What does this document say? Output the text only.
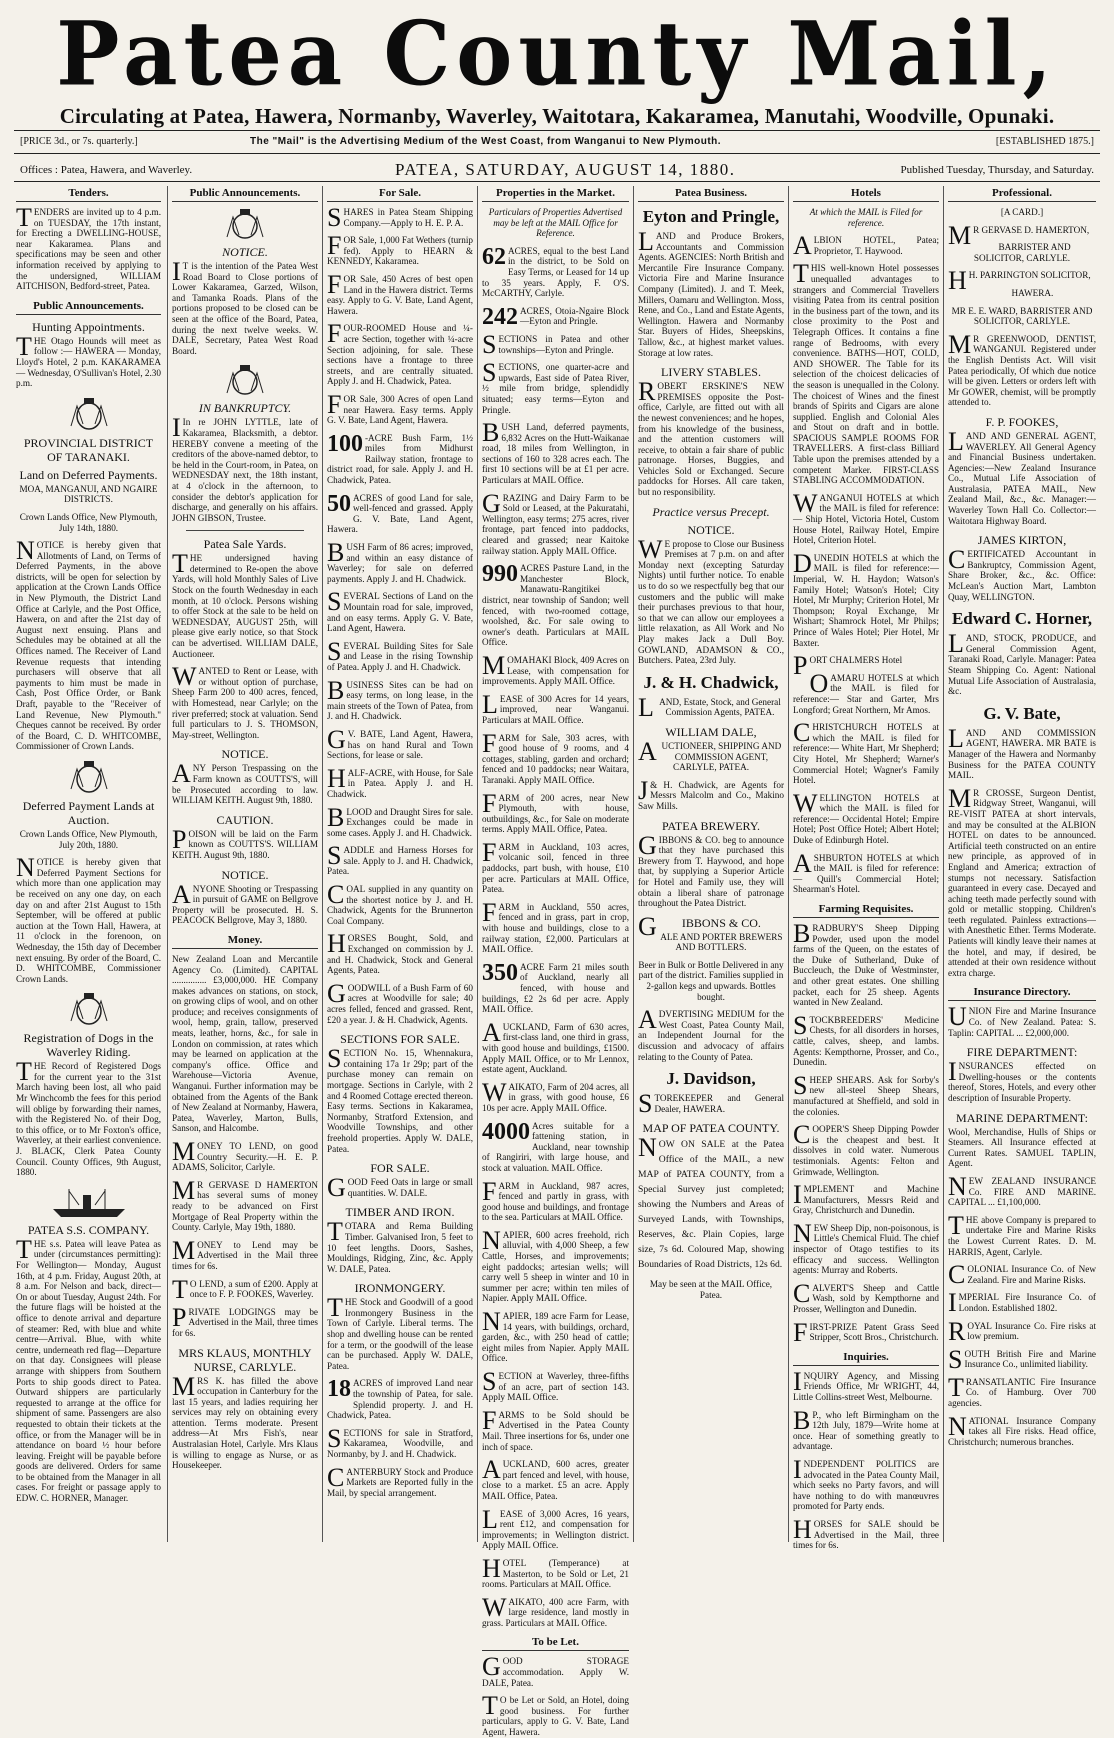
Patea County Mail,
Circulating at Patea, Hawera, Normanby, Waverley, Waitotara, Kakaramea, Manutahi, Woodville, Opunaki.
[PRICE 3d., or 7s. quarterly.]	The "Mail" is the Advertising Medium of the West Coast, from Wanganui to New Plymouth.	[ESTABLISHED 1875.]
Offices : Patea, Hawera, and Waverley.	PATEA, SATURDAY, AUGUST 14, 1880.	Published Tuesday, Thursday, and Saturday.
Tenders.
TENDERS are invited up to 4 p.m. on TUESDAY, the 17th instant, for Erecting a DWELLING-HOUSE, near Kakaramea. Plans and specifications may be seen and other information received by applying to the undersigned, WILLIAM AITCHISON, Bedford-street, Patea.
Public Announcements.
Hunting Appointments.
THE Otago Hounds will meet as follow :— HAWERA — Monday, Lloyd's Hotel, 2 p.m. KAKARAMEA — Wednesday, O'Sullivan's Hotel, 2.30 p.m.
PROVINCIAL DISTRICT OF TARANAKI.
Land on Deferred Payments.
MOA, MANGANUI, AND NGAIRE DISTRICTS.
Crown Lands Office, New Plymouth, July 14th, 1880.
NOTICE is hereby given that Allotments of Land, on Terms of Deferred Payments, in the above districts, will be open for selection by application at the Crown Lands Office in New Plymouth, the District Land Office at Carlyle, and the Post Office, Hawera, on and after the 21st day of August next ensuing. Plans and Schedules may be obtained at all the Offices named. The Receiver of Land Revenue requests that intending purchasers will observe that all payments to him must be made in Cash, Post Office Order, or Bank Draft, payable to the "Receiver of Land Revenue, New Plymouth." Cheques cannot be received. By order of the Board, C. D. WHITCOMBE, Commissioner of Crown Lands.
Deferred Payment Lands at Auction.
Crown Lands Office, New Plymouth, July 20th, 1880.
NOTICE is hereby given that Deferred Payment Sections for which more than one application may be received on any one day, on each day on and after 21st August to 15th September, will be offered at public auction at the Town Hall, Hawera, at 11 o'clock in the forenoon, on Wednesday, the 15th day of December next ensuing. By order of the Board, C. D. WHITCOMBE, Commissioner Crown Lands.
Registration of Dogs in the Waverley Riding.
THE Record of Registered Dogs for the current year to the 31st March having been lost, all who paid Mr Winchcomb the fees for this period will oblige by forwarding their names, with the Registered No. of their Dog, to this office, or to Mr Foxton's office, Waverley, at their earliest convenience. J. BLACK, Clerk Patea County Council. County Offices, 9th August, 1880.
PATEA S.S. COMPANY.
THE s.s. Patea will leave Patea as under (circumstances permitting): For Wellington— Monday, August 16th, at 4 p.m. Friday, August 20th, at 8 a.m. For Nelson and back, direct— On or about Tuesday, August 24th. For the future flags will be hoisted at the office to denote arrival and departure of steamer: Red, with blue and white centre—Arrival. Blue, with white centre, underneath red flag—Departure on that day. Consignees will please arrange with shippers from Southern Ports to ship goods direct to Patea. Outward shippers are particularly requested to arrange at the office for shipment of same. Passengers are also requested to obtain their tickets at the office, or from the Manager will be in attendance on board ½ hour before leaving. Freight will be payable before goods are delivered. Orders for same to be obtained from the Manager in all cases. For freight or passage apply to EDW. C. HORNER, Manager.
Public Announcements.
NOTICE.
I T is the intention of the Patea West Road Board to Close portions of Lower Kakaramea, Garzed, Wilson, and Tamanka Roads. Plans of the portions proposed to be closed can be seen at the office of the Board, Patea, during the next twelve weeks. W. DALE, Secretary, Patea West Road Board.
IN BANKRUPTCY.
I In re JOHN LYTTLE, late of Kakaramea, Blacksmith, a debtor. HEREBY convene a meeting of the creditors of the above-named debtor, to be held in the Court-room, in Patea, on WEDNESDAY next, the 18th instant, at 4 o'clock in the afternoon, to consider the debtor's application for discharge, and generally on his affairs. JOHN GIBSON, Trustee.
Patea Sale Yards.
THE undersigned having determined to Re-open the above Yards, will hold Monthly Sales of Live Stock on the fourth Wednesday in each month, at 10 o'clock. Persons wishing to offer Stock at the sale to be held on WEDNESDAY, AUGUST 25th, will please give early notice, so that Stock can be advertised. WILLIAM DALE, Auctioneer.
WANTED to Rent or Lease, with or without option of purchase, Sheep Farm 200 to 400 acres, fenced, with Homestead, near Carlyle; on the river preferred; stock at valuation. Send full particulars to J. S. THOMSON, May-street, Wellington.
NOTICE.
ANY Person Trespassing on the Farm known as COUTTS'S, will be Prosecuted according to law. WILLIAM KEITH. August 9th, 1880.
CAUTION.
POISON will be laid on the Farm known as COUTTS'S. WILLIAM KEITH. August 9th, 1880.
NOTICE.
ANYONE Shooting or Trespassing in pursuit of GAME on Bellgrove Property will be prosecuted. H. S. PEACOCK Bellgrove, May 3, 1880.
Money.
New Zealand Loan and Mercantile Agency Co. (Limited). CAPITAL ............... £3,000,000. HE Company makes advances on stations, on stock, on growing clips of wool, and on other produce; and receives consignments of wool, hemp, grain, tallow, preserved meats, leather, horns, &c., for sale in London on commission, at rates which may be learned on application at the company's office. Office and Warehouse—Victoria Avenue, Wanganui. Further information may be obtained from the Agents of the Bank of New Zealand at Normanby, Hawera, Patea, Waverley, Marton, Bulls, Sanson, and Halcombe.
MONEY TO LEND, on good Country Security.—H. E. P. ADAMS, Solicitor, Carlyle.
M R GERVASE D HAMERTON has several sums of money ready to be advanced on First Mortgage of Real Property within the County. Carlyle, May 19th, 1880.
MONEY to Lend may be Advertised in the Mail three times for 6s.
T O LEND, a sum of £200. Apply at once to F. P. FOOKES, Waverley.
PRIVATE LODGINGS may be Advertised in the Mail, three times for 6s.
MRS KLAUS, MONTHLY NURSE, CARLYLE.
MRS K. has filled the above occupation in Canterbury for the last 15 years, and ladies requiring her services may rely on obtaining every attention. Terms moderate. Present address—At Mrs Fish's, near Australasian Hotel, Carlyle. Mrs Klaus is willing to engage as Nurse, or as Housekeeper.
For Sale.
SHARES in Patea Steam Shipping Company.—Apply to H. E. P. A.
FOR Sale, 1,000 Fat Wethers (turnip fed). Apply to HEARN & KENNEDY, Kakaramea.
FOR Sale, 450 Acres of best open Land in the Hawera district. Terms easy. Apply to G. V. Bate, Land Agent, Hawera.
FOUR-ROOMED House and ¼-acre Section, together with ¼-acre Section adjoining, for sale. These sections have a frontage to three streets, and are centrally situated. Apply J. and H. Chadwick, Patea.
FOR Sale, 300 Acres of open Land near Hawera. Easy terms. Apply G. V. Bate, Land Agent, Hawera.
100 -ACRE Bush Farm, 1½ miles from Midhurst Railway station, frontage to district road, for sale. Apply J. and H. Chadwick, Patea.
50 ACRES of good Land for sale, well-fenced and grassed. Apply G. V. Bate, Land Agent, Hawera.
BUSH Farm of 86 acres; improved, and within an easy distance of Waverley; for sale on deferred payments. Apply J. and H. Chadwick.
SEVERAL Sections of Land on the Mountain road for sale, improved, and on easy terms. Apply G. V. Bate, Land Agent, Hawera.
SEVERAL Building Sites for Sale and Lease in the rising Township of Patea. Apply J. and H. Chadwick.
BUSINESS Sites can be had on easy terms, on long lease, in the main streets of the Town of Patea, from J. and H. Chadwick.
G V. BATE, Land Agent, Hawera, has on hand Rural and Town Sections, for lease or sale.
HALF-ACRE, with House, for Sale in Patea. Apply J. and H. Chadwick.
BLOOD and Draught Sires for sale. Exchanges could be made in some cases. Apply J. and H. Chadwick.
SADDLE and Harness Horses for sale. Apply to J. and H. Chadwick, Patea.
COAL supplied in any quantity on the shortest notice by J. and H. Chadwick, Agents for the Brunnerton Coal Company.
HORSES Bought, Sold, and Exchanged on commission by J. and H. Chadwick, Stock and General Agents, Patea.
GOODWILL of a Bush Farm of 60 acres at Woodville for sale; 40 acres felled, fenced and grassed. Rent, £20 a year. J. & H. Chadwick, Agents.
SECTIONS FOR SALE.
SECTION No. 15, Whennakura, containing 17a 1r 29p; part of the purchase money can remain on mortgage. Sections in Carlyle, with 2 and 4 Roomed Cottage erected thereon. Easy terms. Sections in Kakaramea, Normanby, Stratford Extension, and Woodville Townships, and other freehold properties. Apply W. DALE, Patea.
FOR SALE.
GOOD Feed Oats in large or small quantities. W. DALE.
TIMBER AND IRON.
TOTARA and Rema Building Timber. Galvanised Iron, 5 feet to 10 feet lengths. Doors, Sashes, Mouldings, Ridging, Zinc, &c. Apply W. DALE, Patea.
IRONMONGERY.
THE Stock and Goodwill of a good Ironmongery Business in the Town of Carlyle. Liberal terms. The shop and dwelling house can be rented for a term, or the goodwill of the lease can be purchased. Apply W. DALE, Patea.
18 ACRES of improved Land near the township of Patea, for sale. Splendid property. J. and H. Chadwick, Patea.
SECTIONS for sale in Stratford, Kakaramea, Woodville, and Normanby, by J. and H. Chadwick.
CANTERBURY Stock and Produce Markets are Reported fully in the Mail, by special arrangement.
Properties in the Market.
Particulars of Properties Advertised may be left at the MAIL Office for Reference.
62 ACRES, equal to the best Land in the district, to be Sold on Easy Terms, or Leased for 14 up to 35 years. Apply, F. O'S. McCARTHY, Carlyle.
242 ACRES, Otoia-Ngaire Block—Eyton and Pringle.
SECTIONS in Patea and other townships—Eyton and Pringle.
SECTIONS, one quarter-acre and upwards, East side of Patea River, ½ mile from bridge, splendidly situated; easy terms—Eyton and Pringle.
BUSH Land, deferred payments, 6,832 Acres on the Hutt-Waikanae road, 18 miles from Wellington, in sections of 160 to 328 acres each. The first 10 sections will be at £1 per acre. Particulars at MAIL Office.
GRAZING and Dairy Farm to be Sold or Leased, at the Pakuratahi, Wellington, easy terms; 275 acres, river frontage, part fenced into paddocks, cleared and grassed; near Kaitoke railway station. Apply MAIL Office.
990 ACRES Pasture Land, in the Manchester Block, Manawatu-Rangitikei district, near township of Sandon; well fenced, with two-roomed cottage, woolshed, &c. For sale owing to owner's death. Particulars at MAIL Office.
MOMAHAKI Block, 409 Acres on Lease, with compensation for improvements. Apply MAIL Office.
LEASE of 300 Acres for 14 years, improved, near Wanganui. Particulars at MAIL Office.
FARM for Sale, 303 acres, with good house of 9 rooms, and 4 cottages, stabling, garden and orchard; fenced and 10 paddocks; near Waitara, Taranaki. Apply MAIL Office.
FARM of 200 acres, near New Plymouth, with house, outbuildings, &c., for Sale on moderate terms. Apply MAIL Office, Patea.
FARM in Auckland, 103 acres, volcanic soil, fenced in three paddocks, part bush, with house, £10 per acre. Particulars at MAIL Office, Patea.
FARM in Auckland, 550 acres, fenced and in grass, part in crop, with house and buildings, close to a railway station, £2,000. Particulars at MAIL Office.
350 ACRE Farm 21 miles south of Auckland, nearly all fenced, with house and buildings, £2 2s 6d per acre. Apply MAIL Office.
AUCKLAND, Farm of 630 acres, first-class land, one third in grass, with good house and buildings, £1500. Apply MAIL Office, or to Mr Lennox, estate agent, Auckland.
WAIKATO, Farm of 204 acres, all in grass, with good house, £6 10s per acre. Apply MAIL Office.
4000 Acres suitable for a fattening station, in Auckland, near township of Rangiriri, with large house, and stock at valuation. MAIL Office.
FARM in Auckland, 987 acres, fenced and partly in grass, with good house and buildings, and frontage to the sea. Particulars at MAIL Office.
NAPIER, 600 acres freehold, rich alluvial, with 4,000 Sheep, a few Cattle, Horses, and improvements; eight paddocks; artesian wells; will carry well 5 sheep in winter and 10 in summer per acre; within ten miles of Napier. Apply MAIL Office.
NAPIER, 189 acre Farm for Lease, 14 years, with buildings, orchard, garden, &c., with 250 head of cattle; eight miles from Napier. Apply MAIL Office.
SECTION at Waverley, three-fifths of an acre, part of section 143. Apply MAIL Office.
FARMS to be Sold should be Advertised in the Patea County Mail. Three insertions for 6s, under one inch of space.
AUCKLAND, 600 acres, greater part fenced and level, with house, close to a market. £5 an acre. Apply MAIL Office, Patea.
LEASE of 3,000 Acres, 16 years, rent £12, and compensation for improvements; in Wellington district. Apply MAIL Office.
HOTEL (Temperance) at Masterton, to be Sold or Let, 21 rooms. Particulars at MAIL Office.
WAIKATO, 400 acre Farm, with large residence, land mostly in grass. Particulars at MAIL Office.
To be Let.
GOOD STORAGE accommodation. Apply W. DALE, Patea.
T O be Let or Sold, an Hotel, doing good business. For further particulars, apply to G. V. Bate, Land Agent, Hawera.
Patea Business.
Eyton and Pringle,
LAND and Produce Brokers, Accountants and Commission Agents. AGENCIES: North British and Mercantile Fire Insurance Company. Victoria Fire and Marine Insurance Company (Limited). J. and T. Meek, Millers, Oamaru and Wellington. Moss, Rene, and Co., Land and Estate Agents, Wellington. Hawera and Normanby Star. Buyers of Hides, Sheepskins, Tallow, &c., at highest market values. Storage at low rates.
LIVERY STABLES.
ROBERT ERSKINE'S NEW PREMISES opposite the Post-office, Carlyle, are fitted out with all the newest conveniences; and he hopes, from his knowledge of the business, and the attention customers will receive, to obtain a fair share of public patronage. Horses, Buggies, and Vehicles Sold or Exchanged. Secure paddocks for Horses. All care taken, but no responsibility.
Practice versus Precept.
NOTICE.
W E propose to Close our Business Premises at 7 p.m. on and after Monday next (excepting Saturday Nights) until further notice. To enable us to do so we respectfully beg that our customers and the public will make their purchases previous to that hour, so that we can allow our employees a little relaxation, as All Work and No Play makes Jack a Dull Boy. GOWLAND, ADAMSON & CO., Butchers. Patea, 23rd July.
J. & H. Chadwick,
LAND, Estate, Stock, and General Commission Agents, PATEA.
WILLIAM DALE,
AUCTIONEER, SHIPPING AND COMMISSION AGENT, CARLYLE, PATEA.
J & H. Chadwick, are Agents for Messrs Malcolm and Co., Makino Saw Mills.
PATEA BREWERY.
GIBBONS & CO. beg to announce that they have purchased this Brewery from T. Haywood, and hope that, by supplying a Superior Article for Hotel and Family use, they will obtain a liberal share of patronage throughout the Patea District.
G IBBONS & CO.
ALE AND PORTER BREWERS AND BOTTLERS.
Beer in Bulk or Bottle Delivered in any part of the district. Families supplied in 2-gallon kegs and upwards. Bottles bought.
ADVERTISING MEDIUM for the West Coast, Patea County Mail, an Independent Journal for the discussion and advocacy of affairs relating to the County of Patea.
J. Davidson,
STOREKEEPER and General Dealer, HAWERA.
MAP OF PATEA COUNTY.
NOW ON SALE at the Patea Office of the MAIL, a new MAP of PATEA COUNTY, from a Special Survey just completed; showing the Numbers and Areas of Surveyed Lands, with Townships, Reserves, &c. Plain Copies, large size, 7s 6d. Coloured Map, showing Boundaries of Road Districts, 12s 6d.
May be seen at the MAIL Office, Patea.
Hotels
At which the MAIL is Filed for reference.
ALBION HOTEL, Patea; Proprietor, T. Haywood.
THIS well-known Hotel possesses unequalled advantages to strangers and Commercial Travellers visiting Patea from its central position in the business part of the town, and its close proximity to the Post and Telegraph Offices. It contains a fine range of Bedrooms, with every convenience. BATHS—HOT, COLD, AND SHOWER. The Table for its selection of the choicest delicacies of the season is unequalled in the Colony. The choicest of Wines and the finest brands of Spirits and Cigars are alone supplied. English and Colonial Ales and Stout on draft and in bottle. SPACIOUS SAMPLE ROOMS FOR TRAVELLERS. A first-class Billiard Table upon the premises attended by a competent Marker. FIRST-CLASS STABLING ACCOMMODATION.
WANGANUI HOTELS at which the MAIL is filed for reference:— Ship Hotel, Victoria Hotel, Custom House Hotel, Railway Hotel, Empire Hotel, Criterion Hotel.
DUNEDIN HOTELS at which the MAIL is filed for reference:— Imperial, W. H. Haydon; Watson's Family Hotel; Watson's Hotel; City Hotel, Mr Murphy; Criterion Hotel, Mr Thompson; Royal Exchange, Mr Wishart; Shamrock Hotel, Mr Philps; Prince of Wales Hotel; Pier Hotel, Mr Baxter.
PORT CHALMERS Hotel
OAMARU HOTELS at which the MAIL is filed for reference:— Star and Garter, Mrs Longford; Great Northern, Mr Amos.
CHRISTCHURCH HOTELS at which the MAIL is filed for reference:— White Hart, Mr Shepherd; City Hotel, Mr Shepherd; Warner's Commercial Hotel; Wagner's Family Hotel.
WELLINGTON HOTELS at which the MAIL is filed for reference:— Occidental Hotel; Empire Hotel; Post Office Hotel; Albert Hotel; Duke of Edinburgh Hotel.
ASHBURTON HOTELS at which the MAIL is filed for reference:— Quill's Commercial Hotel; Shearman's Hotel.
Farming Requisites.
BRADBURY'S Sheep Dipping Powder, used upon the model farms of the Queen, on the estates of the Duke of Sutherland, Duke of Buccleuch, the Duke of Westminster, and other great estates. One shilling packet, each for 25 sheep. Agents wanted in New Zealand.
STOCKBREEDERS' Medicine Chests, for all disorders in horses, cattle, calves, sheep, and lambs. Agents: Kempthorne, Prosser, and Co., Dunedin.
SHEEP SHEARS. Ask for Sorby's new all-steel Sheep Shears, manufactured at Sheffield, and sold in the colonies.
COOPER'S Sheep Dipping Powder is the cheapest and best. It dissolves in cold water. Numerous testimonials. Agents: Felton and Grimwade, Wellington.
IMPLEMENT and Machine Manufacturers, Messrs Reid and Gray, Christchurch and Dunedin.
NEW Sheep Dip, non-poisonous, is Little's Chemical Fluid. The chief inspector of Otago testifies to its efficacy and success. Wellington agents: Murray and Roberts.
CALVERT'S Sheep and Cattle Wash, sold by Kempthorne and Prosser, Wellington and Dunedin.
FIRST-PRIZE Patent Grass Seed Stripper, Scott Bros., Christchurch.
Inquiries.
INQUIRY Agency, and Missing Friends Office, Mr WRIGHT, 44, Little Collins-street West, Melbourne.
B P., who left Birmingham on the 12th July, 1879—Write home at once. Hear of something greatly to advantage.
INDEPENDENT POLITICS are advocated in the Patea County Mail, which seeks no Party favors, and will have nothing to do with manœuvres promoted for Party ends.
HORSES for SALE should be Advertised in the Mail, three times for 6s.
Professional.
[A CARD.]
M R GERVASE D. HAMERTON,
BARRISTER AND SOLICITOR, CARLYLE.
H H. PARRINGTON SOLICITOR,
HAWERA.
MR E. E. WARD, BARRISTER AND SOLICITOR, CARLYLE.
M R GREENWOOD, DENTIST, WANGANUI. Registered under the English Dentists Act. Will visit Patea periodically, Of which due notice will be given. Letters or orders left with Mr GOWER, chemist, will be promptly attended to.
F. P. FOOKES,
LAND AND GENERAL AGENT, WAVERLEY. All General Agency and Financial Business undertaken. Agencies:—New Zealand Insurance Co., Mutual Life Association of Australasia, PATEA MAIL, New Zealand Mail, &c., &c. Manager:—Waverley Town Hall Co. Collector:—Waitotara Highway Board.
JAMES KIRTON,
CERTIFICATED Accountant in Bankruptcy, Commission Agent, Share Broker, &c., &c. Office: McLean's Auction Mart, Lambton Quay, WELLINGTON.
Edward C. Horner,
LAND, STOCK, PRODUCE, and General Commission Agent, Taranaki Road, Carlyle. Manager: Patea Steam Shipping Co. Agent: National Mutual Life Association of Australasia, &c.
G. V. Bate,
LAND AND COMMISSION AGENT, HAWERA. MR BATE is Manager of the Hawera and Normanby Business for the PATEA COUNTY MAIL.
M R CROSSE, Surgeon Dentist, Ridgway Street, Wanganui, will RE-VISIT PATEA at short intervals, and may be consulted at the ALBION HOTEL on dates to be announced. Artificial teeth constructed on an entire new principle, as approved of in England and America; extraction of stumps not necessary. Satisfaction guaranteed in every case. Decayed and aching teeth made perfectly sound with gold or metallic stopping. Children's teeth regulated. Painless extractions—with Anesthetic Ether. Terms Moderate. Patients will kindly leave their names at the hotel, and may, if desired, be attended at their own residence without extra charge.
Insurance Directory.
UNION Fire and Marine Insurance Co. of New Zealand. Patea: S. Taplin: CAPITAL ... £2,000,000.
FIRE DEPARTMENT:
INSURANCES effected on Dwelling-houses or the contents thereof, Stores, Hotels, and every other description of Insurable Property.
MARINE DEPARTMENT:
Wool, Merchandise, Hulls of Ships or Steamers. All Insurance effected at Current Rates. SAMUEL TAPLIN, Agent.
NEW ZEALAND INSURANCE Co. FIRE AND MARINE. CAPITAL ... £1,100,000.
THE above Company is prepared to undertake Fire and Marine Risks the Lowest Current Rates. D. M. HARRIS, Agent, Carlyle.
COLONIAL Insurance Co. of New Zealand. Fire and Marine Risks.
IMPERIAL Fire Insurance Co. of London. Established 1802.
ROYAL Insurance Co. Fire risks at low premium.
SOUTH British Fire and Marine Insurance Co., unlimited liability.
TRANSATLANTIC Fire Insurance Co. of Hamburg. Over 700 agencies.
NATIONAL Insurance Company takes all Fire risks. Head office, Christchurch; numerous branches.
